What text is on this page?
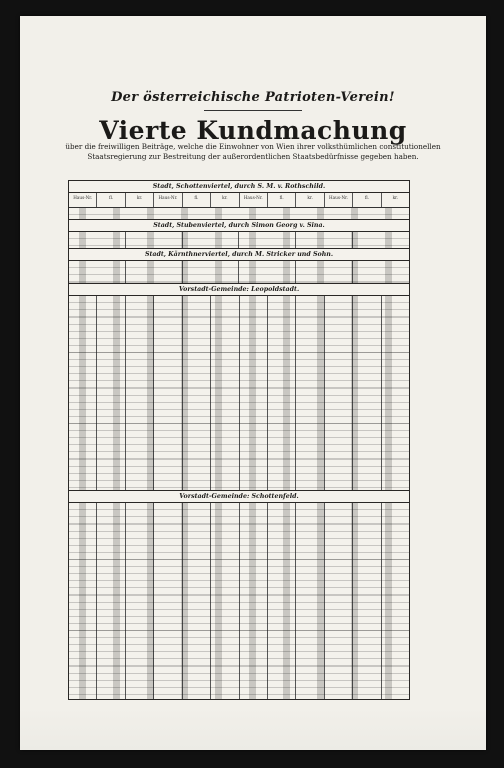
Der österreichische Patrioten-Verein!
Vierte Kundmachung
über die freiwilligen Beiträge, welche die Einwohner von Wien ihrer volksthümlichen constitutionellen Staatsregierung zur Bestreitung der außerordentlichen Staatsbedürfnisse gegeben haben.
Stadt, Schottenviertel, durch S. M. v. Rothschild.
Haus-Nr.	fl.	kr.	Haus-Nr.	fl.	kr.	Haus-Nr.	fl.	kr.	Haus-Nr.	fl.	kr.
Stadt, Stubenviertel, durch Simon Georg v. Sina.
Stadt, Kärnthnerviertel, durch M. Stricker und Sohn.
Vorstadt-Gemeinde: Leopoldstadt.
Vorstadt-Gemeinde: Schottenfeld.
